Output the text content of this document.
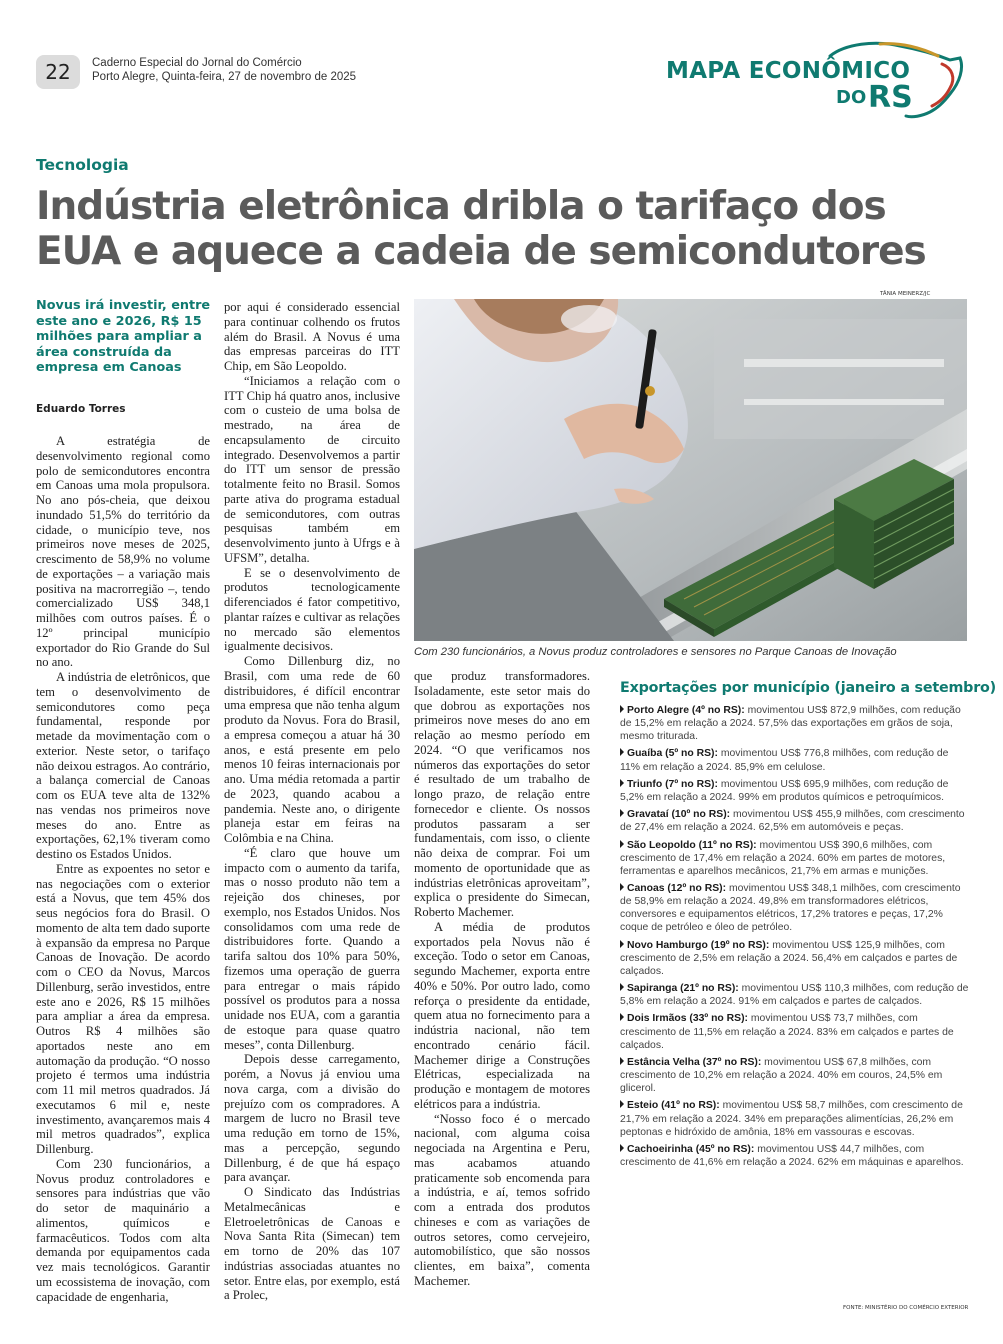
22	Caderno Especial do Jornal do Comércio
Porto Alegre, Quinta-feira, 27 de novembro de 2025	MAPA ECONÔMICO
DO RS
Tecnologia
Indústria eletrônica dribla o tarifaço dos
EUA e aquece a cadeia de semicondutores
Novus irá investir, entre este ano e 2026, R$ 15 milhões para ampliar a área construída da empresa em Canoas
Eduardo Torres

A estratégia de desenvolvimento regional como polo de semicondutores encontra em Canoas uma mola propulsora. No ano pós-cheia, que deixou inundado 51,5% do território da cidade, o município teve, nos primeiros nove meses de 2025, crescimento de 58,9% no volume de exportações – a variação mais positiva na macrorregião –, tendo comercializado US$ 348,1 milhões com outros países. É o 12º principal município exportador do Rio Grande do Sul no ano.

A indústria de eletrônicos, que tem o desenvolvimento de semicondutores como peça fundamental, responde por metade da movimentação com o exterior. Neste setor, o tarifaço não deixou estragos. Ao contrário, a balança comercial de Canoas com os EUA teve alta de 132% nas vendas nos primeiros nove meses do ano. Entre as exportações, 62,1% tiveram como destino os Estados Unidos.

Entre as expoentes no setor e nas negociações com o exterior está a Novus, que tem 45% dos seus negócios fora do Brasil. O momento de alta tem dado suporte à expansão da empresa no Parque Canoas de Inovação. De acordo com o CEO da Novus, Marcos Dillenburg, serão investidos, entre este ano e 2026, R$ 15 milhões para ampliar a área da empresa. Outros R$ 4 milhões são aportados neste ano em automação da produção. “O nosso projeto é termos uma indústria com 11 mil metros quadrados. Já executamos 6 mil e, neste investimento, avançaremos mais 4 mil metros quadrados”, explica Dillenburg.

Com 230 funcionários, a Novus produz controladores e sensores para indústrias que vão do setor de maquinário a alimentos, químicos e farmacêuticos. Todos com alta demanda por equipamentos cada vez mais tecnológicos. Garantir um ecossistema de inovação, com capacidade de engenharia,

por aqui é considerado essencial para continuar colhendo os frutos além do Brasil. A Novus é uma das empresas parceiras do ITT Chip, em São Leopoldo.

“Iniciamos a relação com o ITT Chip há quatro anos, inclusive com o custeio de uma bolsa de mestrado, na área de encapsulamento de circuito integrado. Desenvolvemos a partir do ITT um sensor de pressão totalmente feito no Brasil. Somos parte ativa do programa estadual de semicondutores, com outras pesquisas também em desenvolvimento junto à Ufrgs e à UFSM”, detalha.

E se o desenvolvimento de produtos tecnologicamente diferenciados é fator competitivo, plantar raízes e cultivar as relações no mercado são elementos igualmente decisivos.

Como Dillenburg diz, no Brasil, com uma rede de 60 distribuidores, é difícil encontrar uma empresa que não tenha algum produto da Novus. Fora do Brasil, a empresa começou a atuar há 30 anos, e está presente em pelo menos 10 feiras internacionais por ano. Uma média retomada a partir de 2023, quando acabou a pandemia. Neste ano, o dirigente planeja estar em feiras na Colômbia e na China.

“É claro que houve um impacto com o aumento da tarifa, mas o nosso produto não tem a rejeição dos chineses, por exemplo, nos Estados Unidos. Nos consolidamos com uma rede de distribuidores forte. Quando a tarifa saltou dos 10% para 50%, fizemos uma operação de guerra para entregar o mais rápido possível os produtos para a nossa unidade nos EUA, com a garantia de estoque para quase quatro meses”, conta Dillenburg.

Depois desse carregamento, porém, a Novus já enviou uma nova carga, com a divisão do prejuízo com os compradores. A margem de lucro no Brasil teve uma redução em torno de 15%, mas a percepção, segundo Dillenburg, é de que há espaço para avançar.

O Sindicato das Indústrias Metalmecânicas e Eletroeletrônicas de Canoas e Nova Santa Rita (Simecan) tem em torno de 20% das 107 indústrias associadas atuantes no setor. Entre elas, por exemplo, está a Prolec,

TÂNIA MEINERZ/JC
Com 230 funcionários, a Novus produz controladores e sensores no Parque Canoas de Inovação

que produz transformadores. Isoladamente, este setor mais do que dobrou as exportações nos primeiros nove meses do ano em relação ao mesmo período em 2024. “O que verificamos nos números das exportações do setor é resultado de um trabalho de longo prazo, de relação entre fornecedor e cliente. Os nossos produtos passaram a ser fundamentais, com isso, o cliente não deixa de comprar. Foi um momento de oportunidade que as indústrias eletrônicas aproveitam”, explica o presidente do Simecan, Roberto Machemer.

A média de produtos exportados pela Novus não é exceção. Todo o setor em Canoas, segundo Machemer, exporta entre 40% e 50%. Por outro lado, como reforça o presidente da entidade, quem atua no fornecimento para a indústria nacional, não tem encontrado cenário fácil. Machemer dirige a Construções Elétricas, especializada na produção e montagem de motores elétricos para a indústria.

“Nosso foco é o mercado nacional, com alguma coisa negociada na Argentina e Peru, mas acabamos atuando praticamente sob encomenda para a indústria, e aí, temos sofrido com a entrada dos produtos chineses e com as variações de outros setores, como cervejeiro, automobilístico, que são nossos clientes, em baixa”, comenta Machemer.

Exportações por município (janeiro a setembro)
Porto Alegre (4º no RS): movimentou US$ 872,9 milhões, com redução de 15,2% em relação a 2024. 57,5% das exportações em grãos de soja, mesmo triturada.
Guaíba (5º no RS): movimentou US$ 776,8 milhões, com redução de 11% em relação a 2024. 85,9% em celulose.
Triunfo (7º no RS): movimentou US$ 695,9 milhões, com redução de 5,2% em relação a 2024. 99% em produtos químicos e petroquímicos.
Gravataí (10º no RS): movimentou US$ 455,9 milhões, com crescimento de 27,4% em relação a 2024. 62,5% em automóveis e peças.
São Leopoldo (11º no RS): movimentou US$ 390,6 milhões, com crescimento de 17,4% em relação a 2024. 60% em partes de motores, ferramentas e aparelhos mecânicos, 21,7% em armas e munições.
Canoas (12º no RS): movimentou US$ 348,1 milhões, com crescimento de 58,9% em relação a 2024. 49,8% em transformadores elétricos, conversores e equipamentos elétricos, 17,2% tratores e peças, 17,2% coque de petróleo e óleo de petróleo.
Novo Hamburgo (19º no RS): movimentou US$ 125,9 milhões, com crescimento de 2,5% em relação a 2024. 56,4% em calçados e partes de calçados.
Sapiranga (21º no RS): movimentou US$ 110,3 milhões, com redução de 5,8% em relação a 2024. 91% em calçados e partes de calçados.
Dois Irmãos (33º no RS): movimentou US$ 73,7 milhões, com crescimento de 11,5% em relação a 2024. 83% em calçados e partes de calçados.
Estância Velha (37º no RS): movimentou US$ 67,8 milhões, com crescimento de 10,2% em relação a 2024. 40% em couros, 24,5% em glicerol.
Esteio (41º no RS): movimentou US$ 58,7 milhões, com crescimento de 21,7% em relação a 2024. 34% em preparações alimentícias, 26,2% em peptonas e hidróxido de amônia, 18% em vassouras e escovas.
Cachoeirinha (45º no RS): movimentou US$ 44,7 milhões, com crescimento de 41,6% em relação a 2024. 62% em máquinas e aparelhos.
FONTE: MINISTÉRIO DO COMÉRCIO EXTERIOR
